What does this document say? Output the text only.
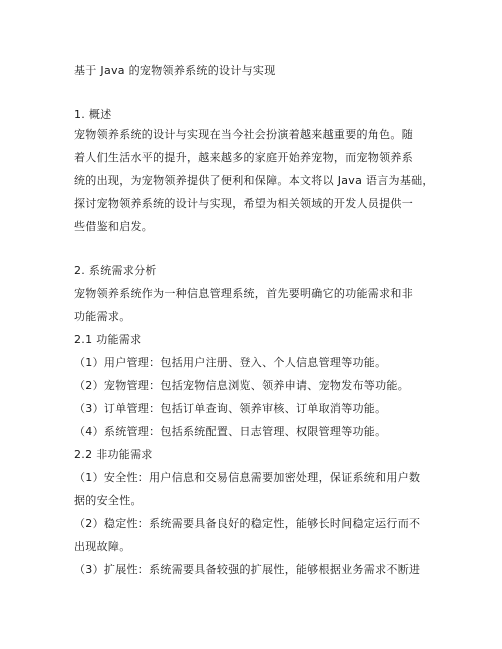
基于 Java 的宠物领养系统的设计与实现
1. 概述
宠物领养系统的设计与实现在当今社会扮演着越来越重要的角色。随
着人们生活水平的提升，越来越多的家庭开始养宠物，而宠物领养系
统的出现，为宠物领养提供了便利和保障。本文将以 Java 语言为基础，
探讨宠物领养系统的设计与实现，希望为相关领域的开发人员提供一
些借鉴和启发。
2. 系统需求分析
宠物领养系统作为一种信息管理系统，首先要明确它的功能需求和非
功能需求。
2.1 功能需求
（1）用户管理：包括用户注册、登入、个人信息管理等功能。
（2）宠物管理：包括宠物信息浏览、领养申请、宠物发布等功能。
（3）订单管理：包括订单查询、领养审核、订单取消等功能。
（4）系统管理：包括系统配置、日志管理、权限管理等功能。
2.2 非功能需求
（1）安全性：用户信息和交易信息需要加密处理，保证系统和用户数
据的安全性。
（2）稳定性：系统需要具备良好的稳定性，能够长时间稳定运行而不
出现故障。
（3）扩展性：系统需要具备较强的扩展性，能够根据业务需求不断进
